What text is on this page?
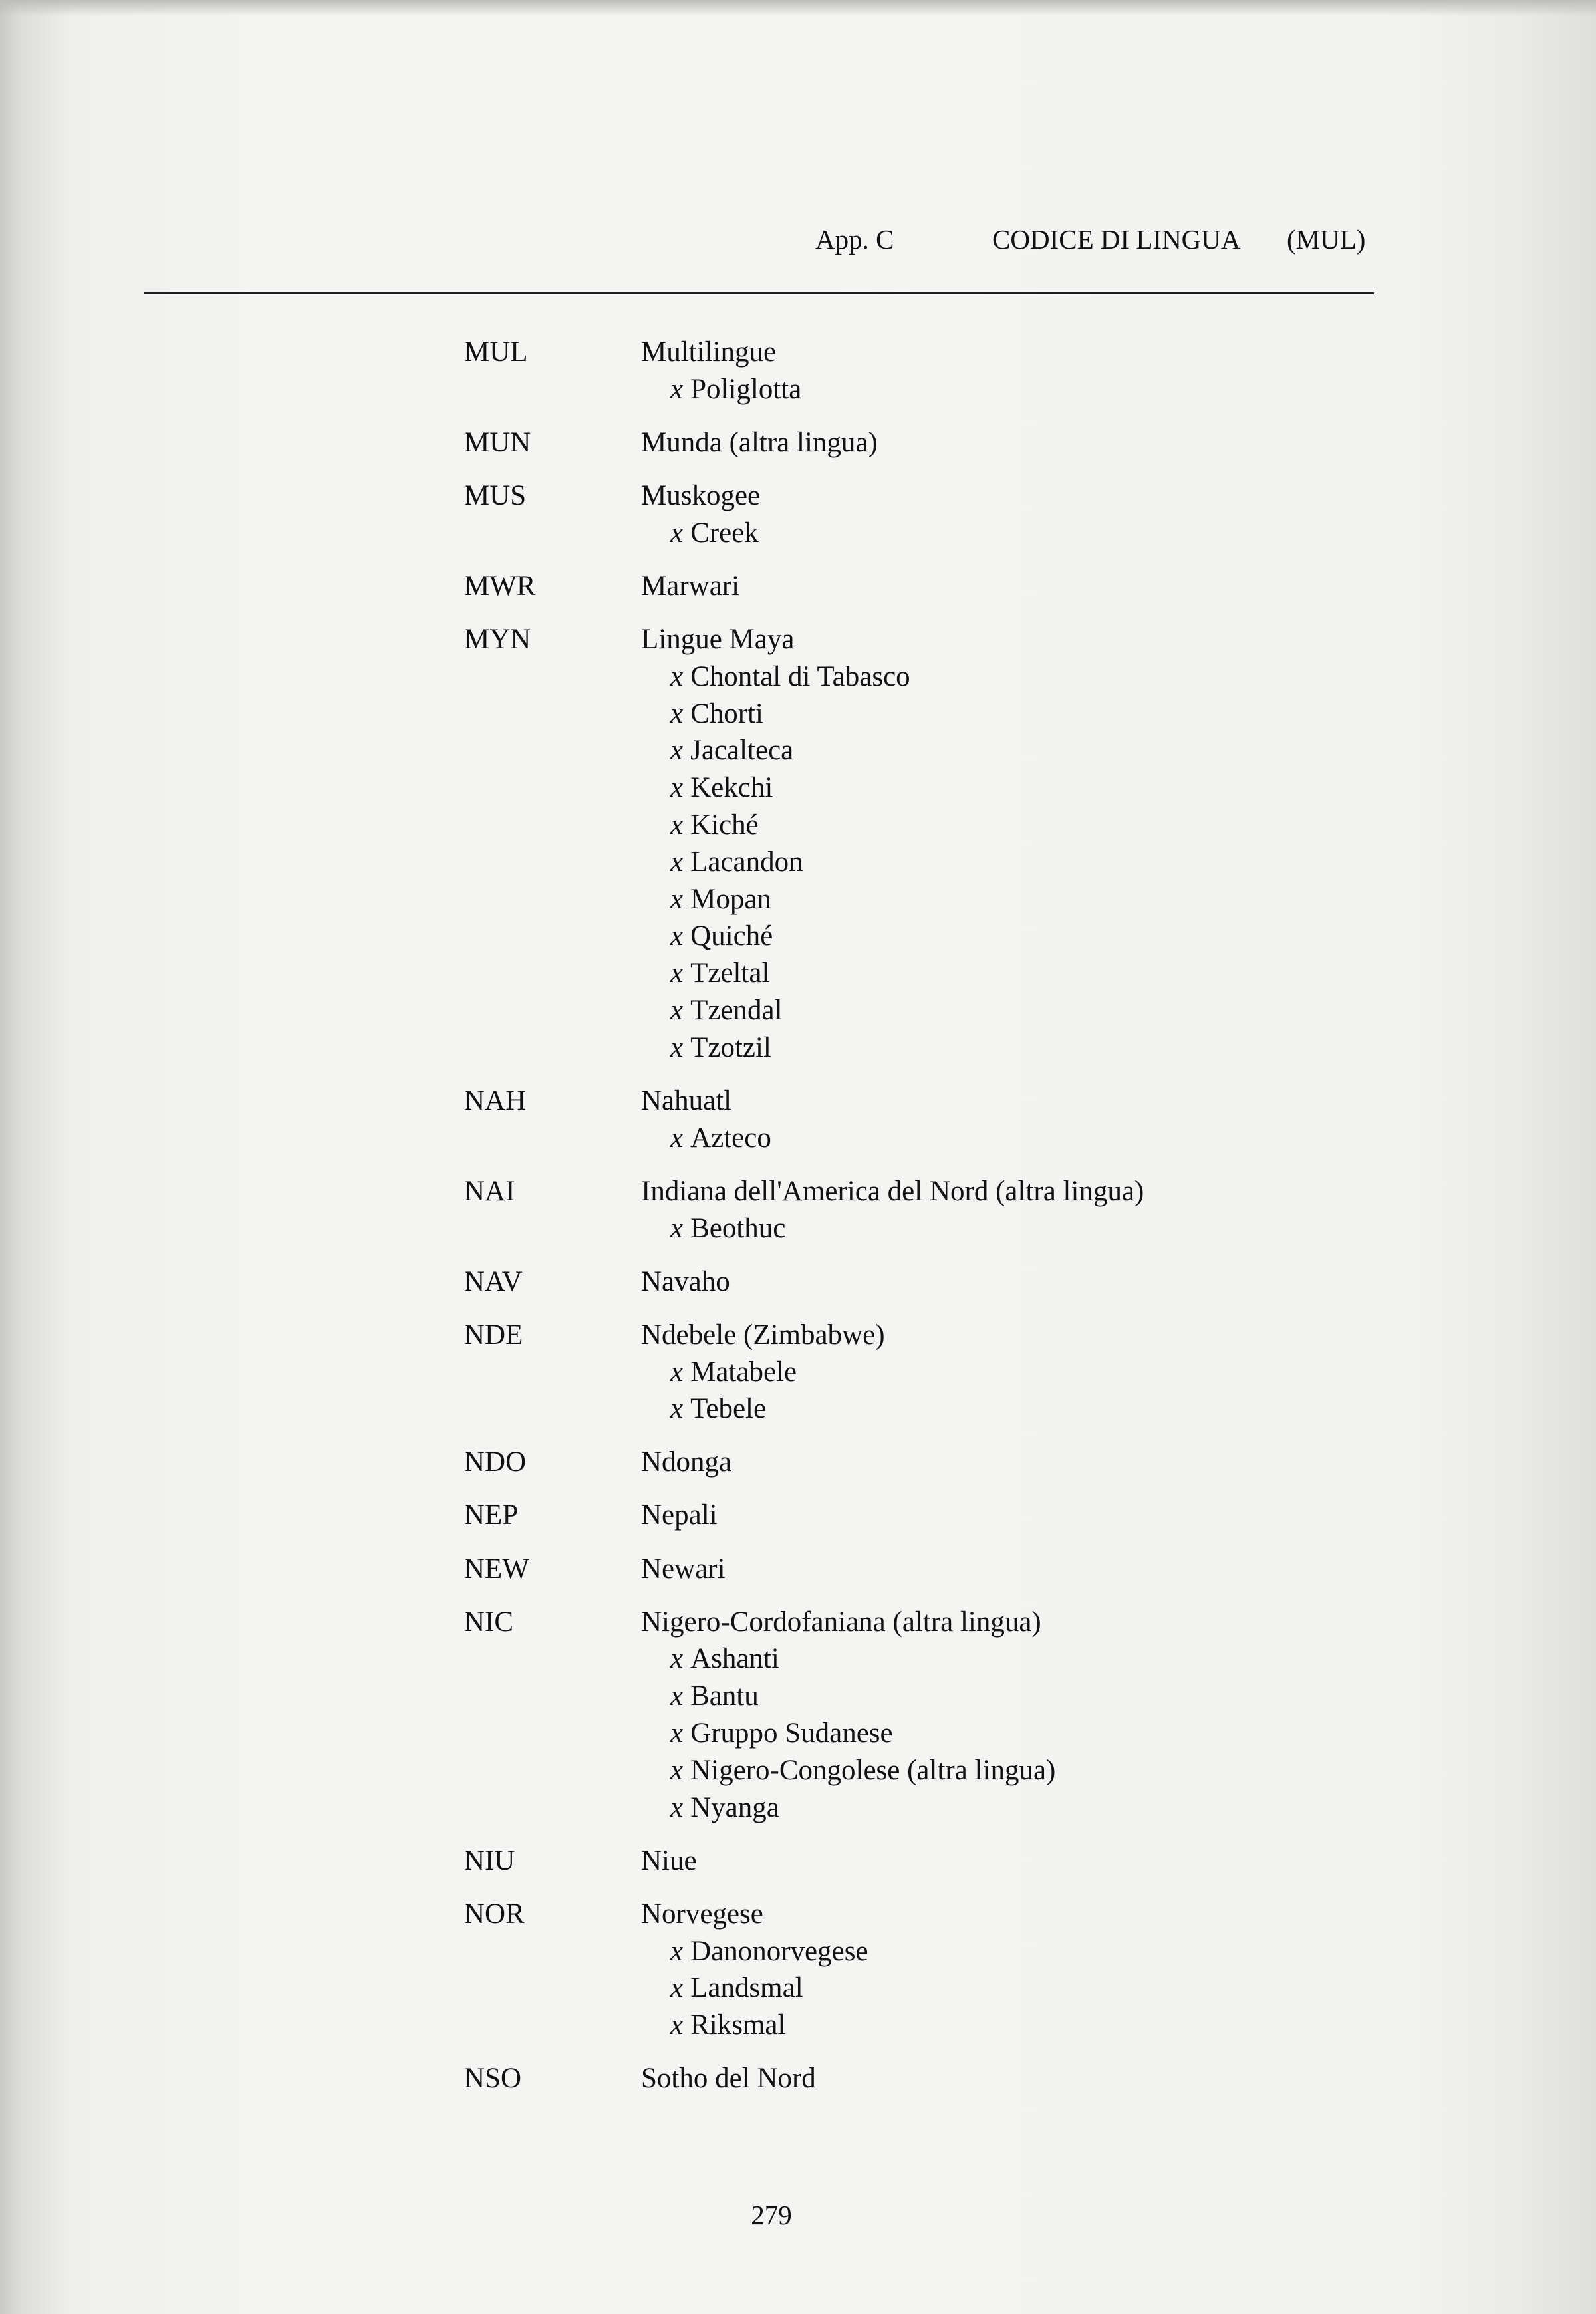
App. C	CODICE DI LINGUA (MUL)
MUL	Multilingue
x Poliglotta
MUN	Munda (altra lingua)
MUS	Muskogee
x Creek
MWR	Marwari
MYN	Lingue Maya
x Chontal di Tabasco
x Chorti
x Jacalteca
x Kekchi
x Kiché
x Lacandon
x Mopan
x Quiché
x Tzeltal
x Tzendal
x Tzotzil
NAH	Nahuatl
x Azteco
NAI	Indiana dell'America del Nord (altra lingua)
x Beothuc
NAV	Navaho
NDE	Ndebele (Zimbabwe)
x Matabele
x Tebele
NDO	Ndonga
NEP	Nepali
NEW	Newari
NIC	Nigero-Cordofaniana (altra lingua)
x Ashanti
x Bantu
x Gruppo Sudanese
x Nigero-Congolese (altra lingua)
x Nyanga
NIU	Niue
NOR	Norvegese
x Danonorvegese
x Landsmal
x Riksmal
NSO	Sotho del Nord
279
